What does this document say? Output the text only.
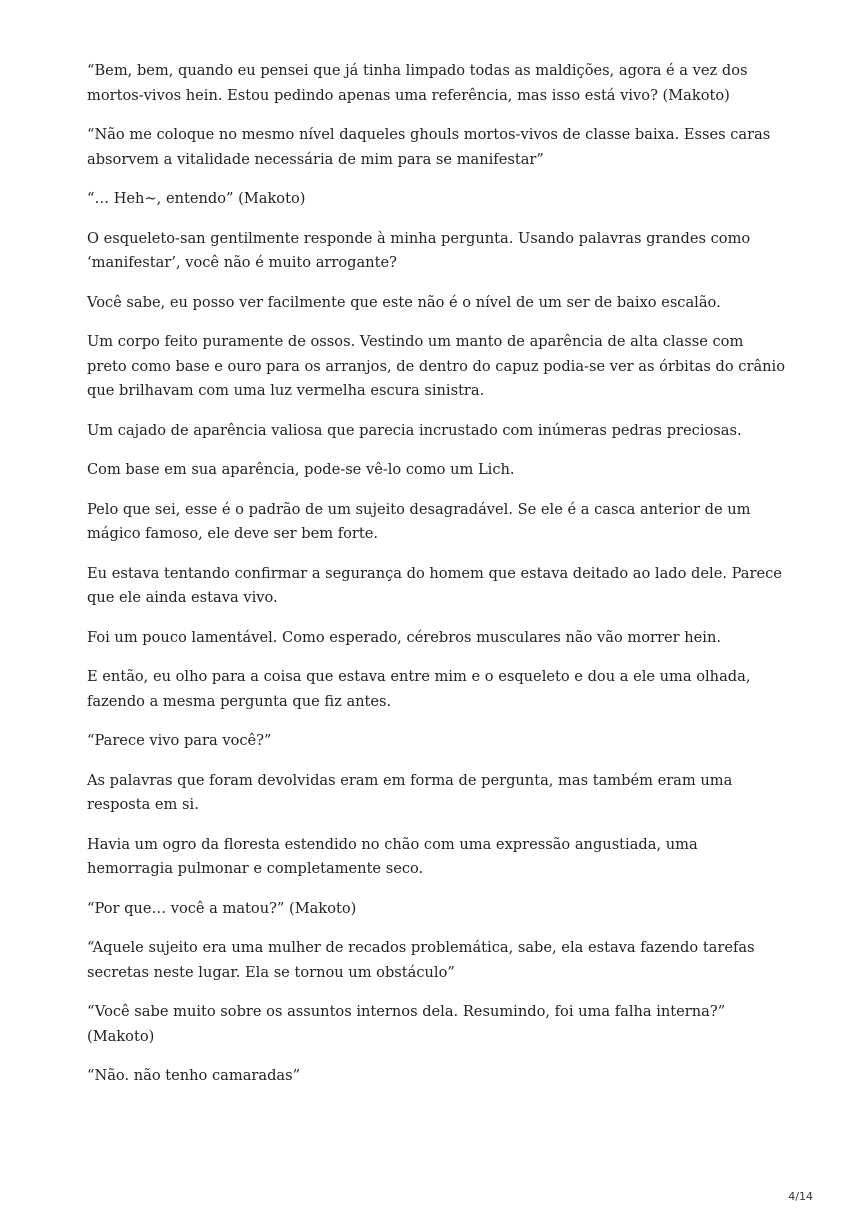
“Bem, bem, quando eu pensei que já tinha limpado todas as maldições, agora é a vez dos mortos-vivos hein. Estou pedindo apenas uma referência, mas isso está vivo? (Makoto)

“Não me coloque no mesmo nível daqueles ghouls mortos-vivos de classe baixa. Esses caras absorvem a vitalidade necessária de mim para se manifestar”

“… Heh~, entendo” (Makoto)

O esqueleto-san gentilmente responde à minha pergunta. Usando palavras grandes como ‘manifestar’, você não é muito arrogante?

Você sabe, eu posso ver facilmente que este não é o nível de um ser de baixo escalão.

Um corpo feito puramente de ossos. Vestindo um manto de aparência de alta classe com preto como base e ouro para os arranjos, de dentro do capuz podia-se ver as órbitas do crânio que brilhavam com uma luz vermelha escura sinistra.

Um cajado de aparência valiosa que parecia incrustado com inúmeras pedras preciosas.

Com base em sua aparência, pode-se vê-lo como um Lich.

Pelo que sei, esse é o padrão de um sujeito desagradável. Se ele é a casca anterior de um mágico famoso, ele deve ser bem forte.

Eu estava tentando confirmar a segurança do homem que estava deitado ao lado dele. Parece que ele ainda estava vivo.

Foi um pouco lamentável. Como esperado, cérebros musculares não vão morrer hein.

E então, eu olho para a coisa que estava entre mim e o esqueleto e dou a ele uma olhada, fazendo a mesma pergunta que fiz antes.

“Parece vivo para você?”

As palavras que foram devolvidas eram em forma de pergunta, mas também eram uma resposta em si.

Havia um ogro da floresta estendido no chão com uma expressão angustiada, uma hemorragia pulmonar e completamente seco.

“Por que… você a matou?” (Makoto)

“Aquele sujeito era uma mulher de recados problemática, sabe, ela estava fazendo tarefas secretas neste lugar. Ela se tornou um obstáculo”

“Você sabe muito sobre os assuntos internos dela. Resumindo, foi uma falha interna?” (Makoto)

“Não. não tenho camaradas”

4/14
